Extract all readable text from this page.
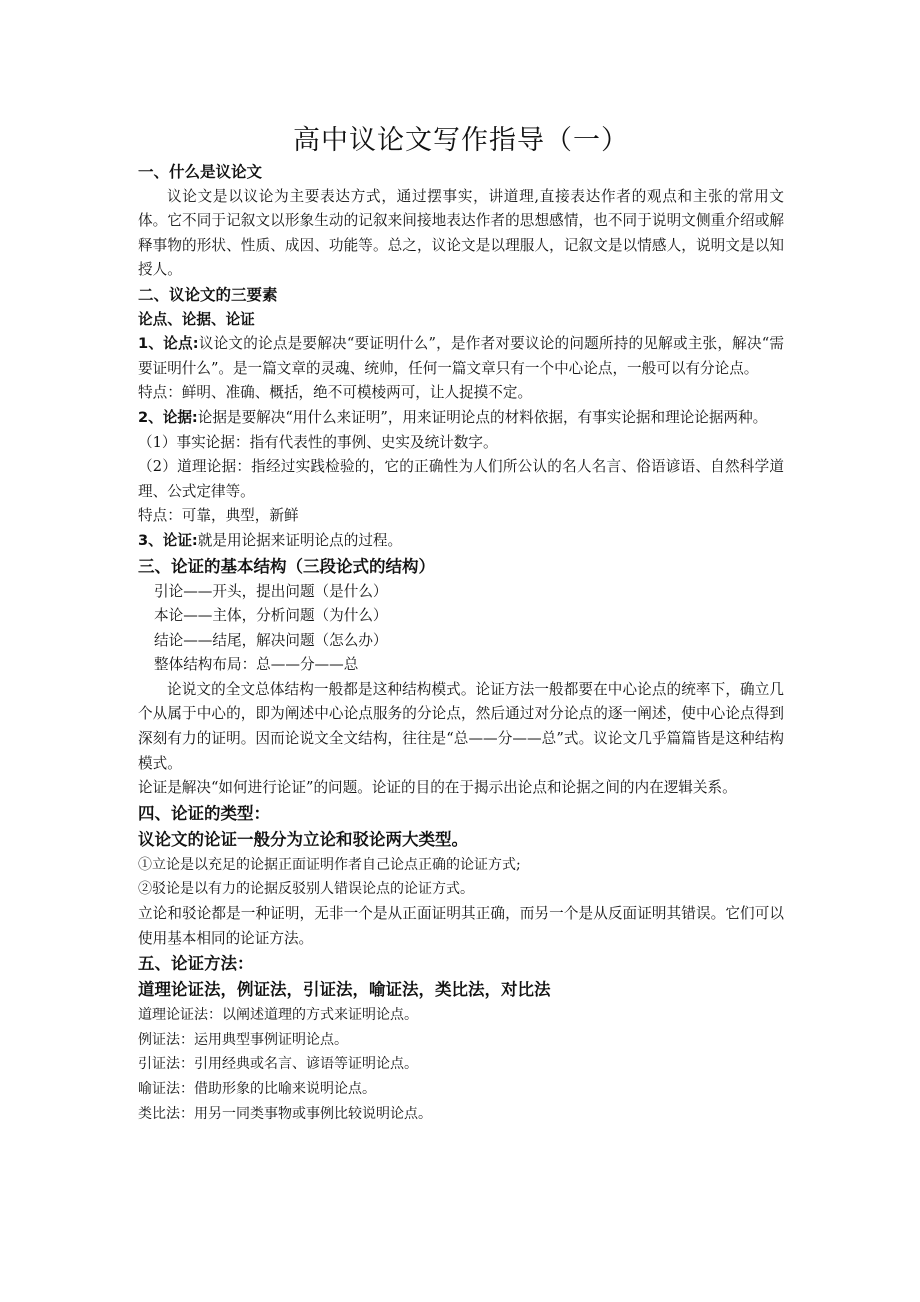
高中议论文写作指导（一）

一、什么是议论文

议论文是以议论为主要表达方式，通过摆事实，讲道理,直接表达作者的观点和主张的常用文体。它不同于记叙文以形象生动的记叙来间接地表达作者的思想感情，也不同于说明文侧重介绍或解释事物的形状、性质、成因、功能等。总之，议论文是以理服人，记叙文是以情感人，说明文是以知授人。

二、议论文的三要素

论点、论据、论证

1、论点:议论文的论点是要解决“要证明什么”，是作者对要议论的问题所持的见解或主张，解决“需要证明什么”。是一篇文章的灵魂、统帅，任何一篇文章只有一个中心论点，一般可以有分论点。

特点：鲜明、准确、概括，绝不可模棱两可，让人捉摸不定。

2、论据:论据是要解决“用什么来证明”，用来证明论点的材料依据，有事实论据和理论论据两种。

（1）事实论据：指有代表性的事例、史实及统计数字。

（2）道理论据：指经过实践检验的，它的正确性为人们所公认的名人名言、俗语谚语、自然科学道理、公式定律等。

特点：可靠，典型，新鲜

3、论证:就是用论据来证明论点的过程。

三、论证的基本结构（三段论式的结构）

引论——开头，提出问题（是什么）

本论——主体，分析问题（为什么）

结论——结尾，解决问题（怎么办）

整体结构布局：总——分——总

论说文的全文总体结构一般都是这种结构模式。论证方法一般都要在中心论点的统率下，确立几个从属于中心的，即为阐述中心论点服务的分论点，然后通过对分论点的逐一阐述，使中心论点得到深刻有力的证明。因而论说文全文结构，往往是“总——分——总”式。议论文几乎篇篇皆是这种结构模式。

论证是解决“如何进行论证”的问题。论证的目的在于揭示出论点和论据之间的内在逻辑关系。

四、论证的类型：

议论文的论证一般分为立论和驳论两大类型。

①立论是以充足的论据正面证明作者自己论点正确的论证方式;

②驳论是以有力的论据反驳别人错误论点的论证方式。

立论和驳论都是一种证明，无非一个是从正面证明其正确，而另一个是从反面证明其错误。它们可以使用基本相同的论证方法。

五、论证方法：

道理论证法，例证法，引证法，喻证法，类比法，对比法

道理论证法：以阐述道理的方式来证明论点。

例证法：运用典型事例证明论点。

引证法：引用经典或名言、谚语等证明论点。

喻证法：借助形象的比喻来说明论点。

类比法：用另一同类事物或事例比较说明论点。
